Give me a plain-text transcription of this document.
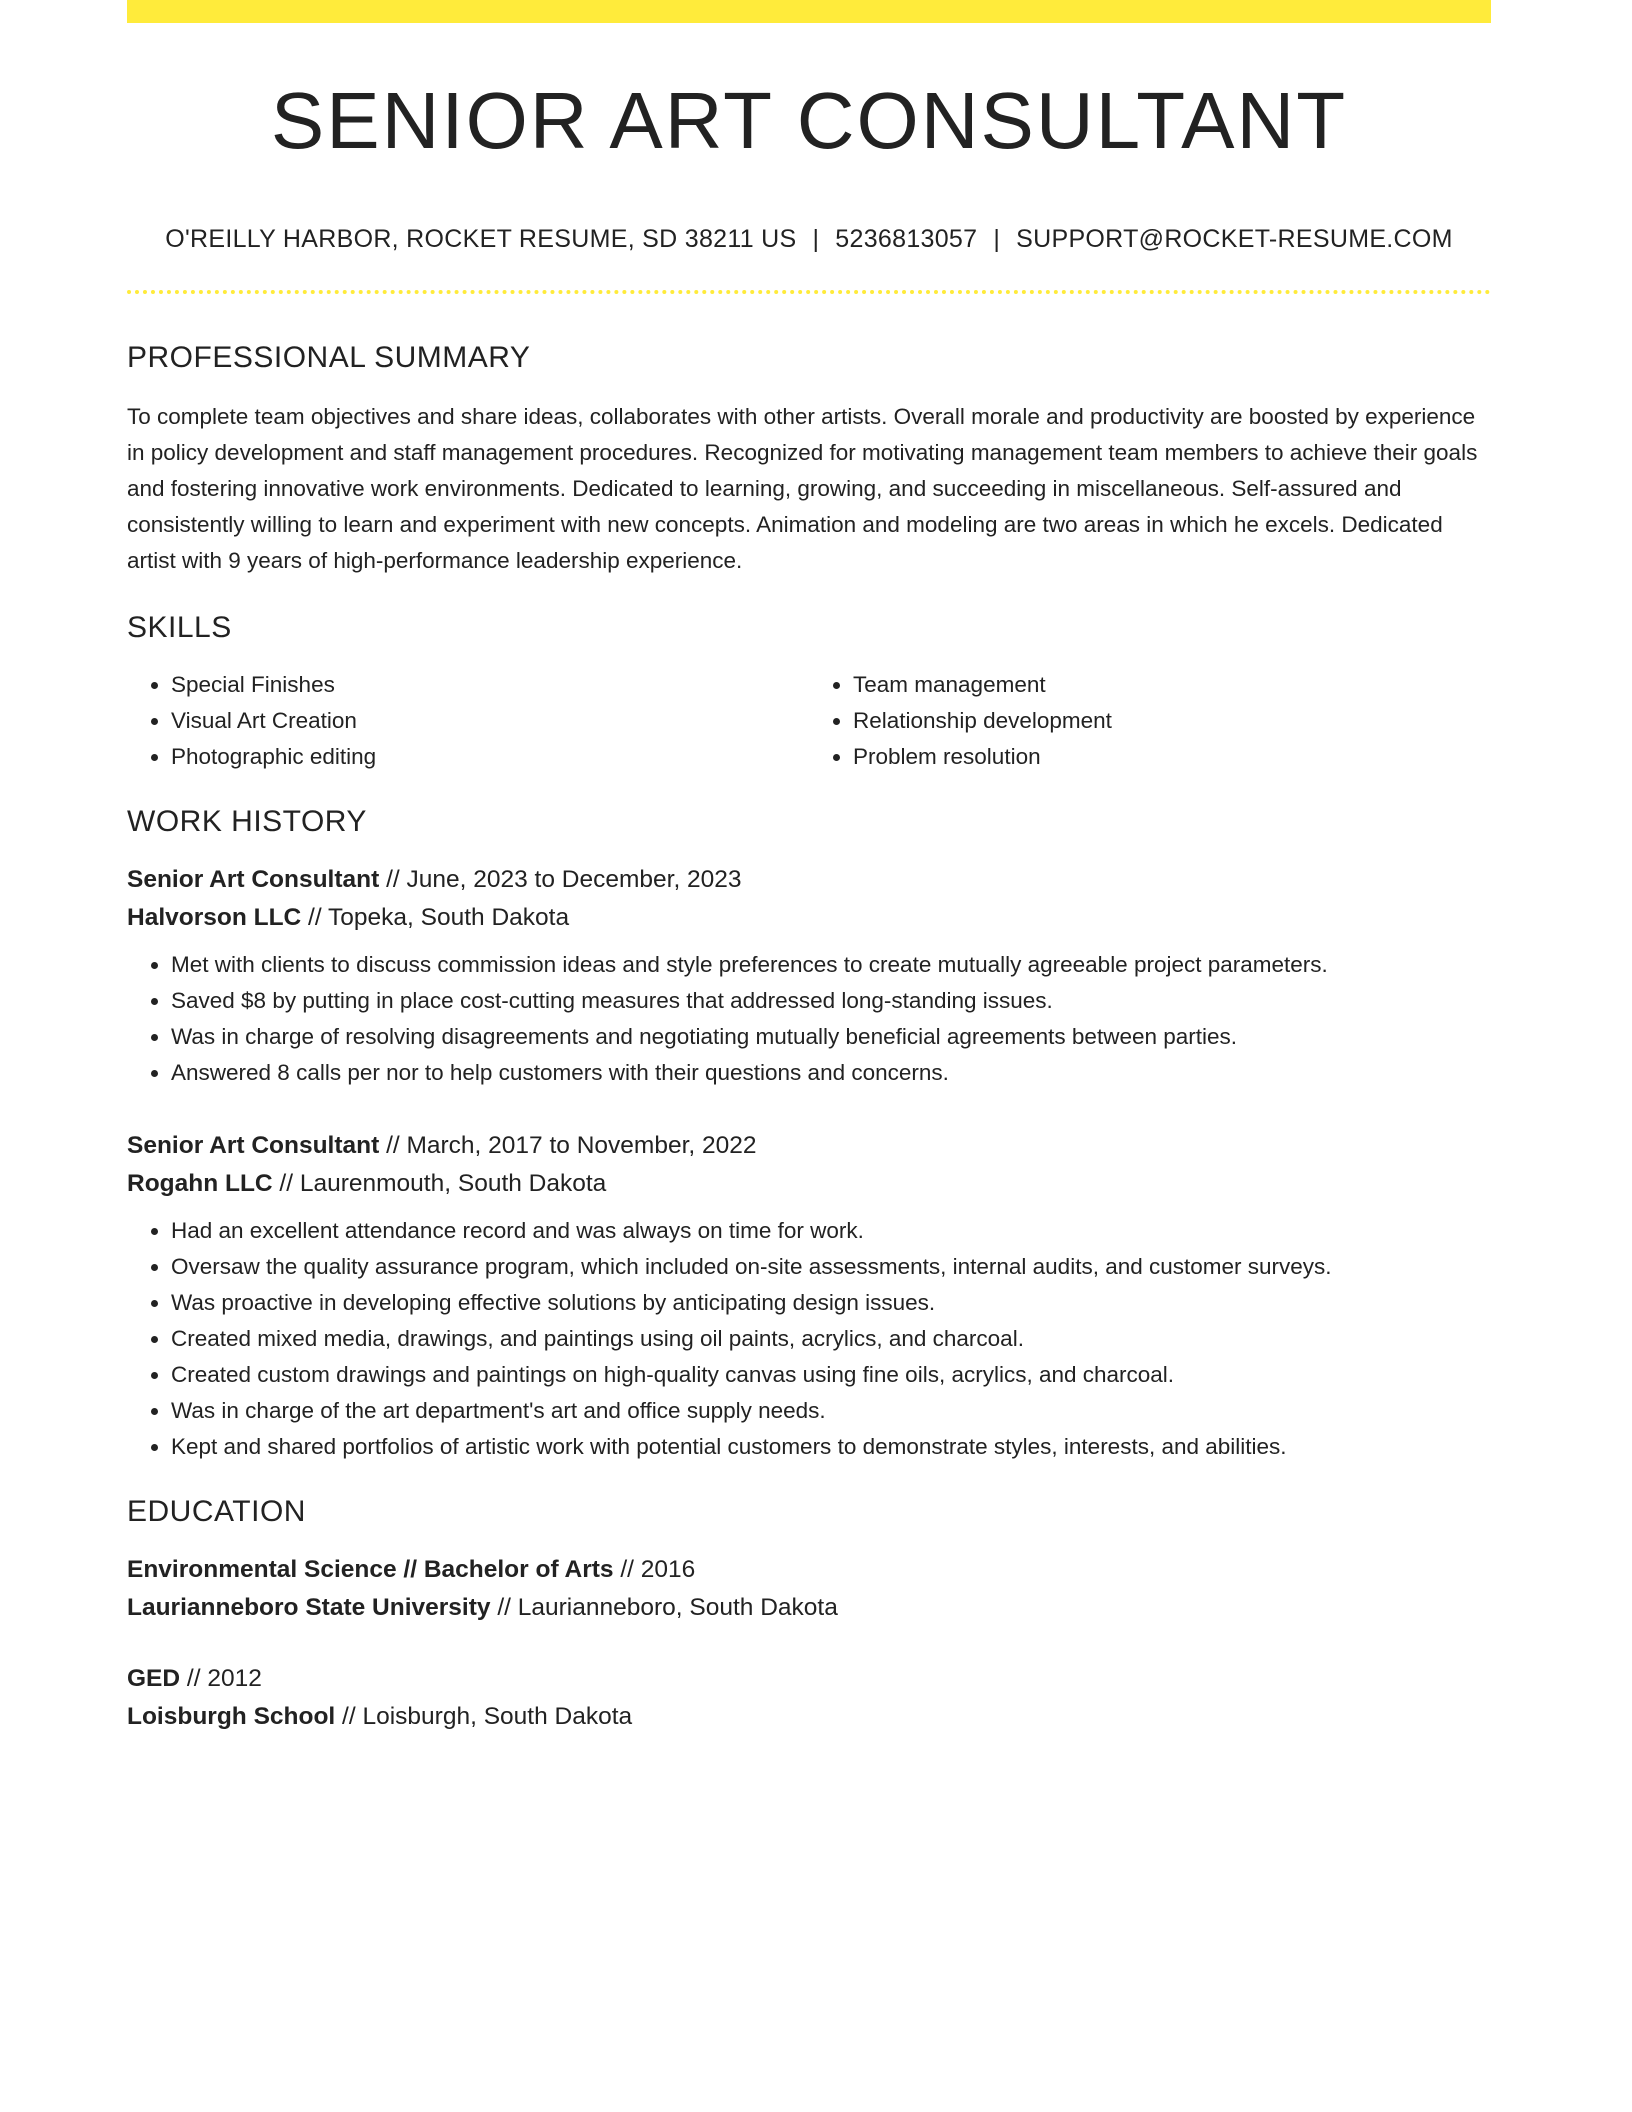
SENIOR ART CONSULTANT
O'REILLY HARBOR, ROCKET RESUME, SD 38211 US | 5236813057 | SUPPORT@ROCKET-RESUME.COM
PROFESSIONAL SUMMARY

To complete team objectives and share ideas, collaborates with other artists. Overall morale and productivity are boosted by experience in policy development and staff management procedures. Recognized for motivating management team members to achieve their goals and fostering innovative work environments. Dedicated to learning, growing, and succeeding in miscellaneous. Self-assured and consistently willing to learn and experiment with new concepts. Animation and modeling are two areas in which he excels. Dedicated artist with 9 years of high-performance leadership experience.

SKILLS
• Special Finishes
• Visual Art Creation
• Photographic editing
• Team management
• Relationship development
• Problem resolution
WORK HISTORY
Senior Art Consultant // June, 2023 to December, 2023
Halvorson LLC // Topeka, South Dakota
• Met with clients to discuss commission ideas and style preferences to create mutually agreeable project parameters.
• Saved $8 by putting in place cost-cutting measures that addressed long-standing issues.
• Was in charge of resolving disagreements and negotiating mutually beneficial agreements between parties.
• Answered 8 calls per nor to help customers with their questions and concerns.
Senior Art Consultant // March, 2017 to November, 2022
Rogahn LLC // Laurenmouth, South Dakota
• Had an excellent attendance record and was always on time for work.
• Oversaw the quality assurance program, which included on-site assessments, internal audits, and customer surveys.
• Was proactive in developing effective solutions by anticipating design issues.
• Created mixed media, drawings, and paintings using oil paints, acrylics, and charcoal.
• Created custom drawings and paintings on high-quality canvas using fine oils, acrylics, and charcoal.
• Was in charge of the art department's art and office supply needs.
• Kept and shared portfolios of artistic work with potential customers to demonstrate styles, interests, and abilities.
EDUCATION
Environmental Science // Bachelor of Arts // 2016
Laurianneboro State University // Laurianneboro, South Dakota
GED // 2012
Loisburgh School // Loisburgh, South Dakota
